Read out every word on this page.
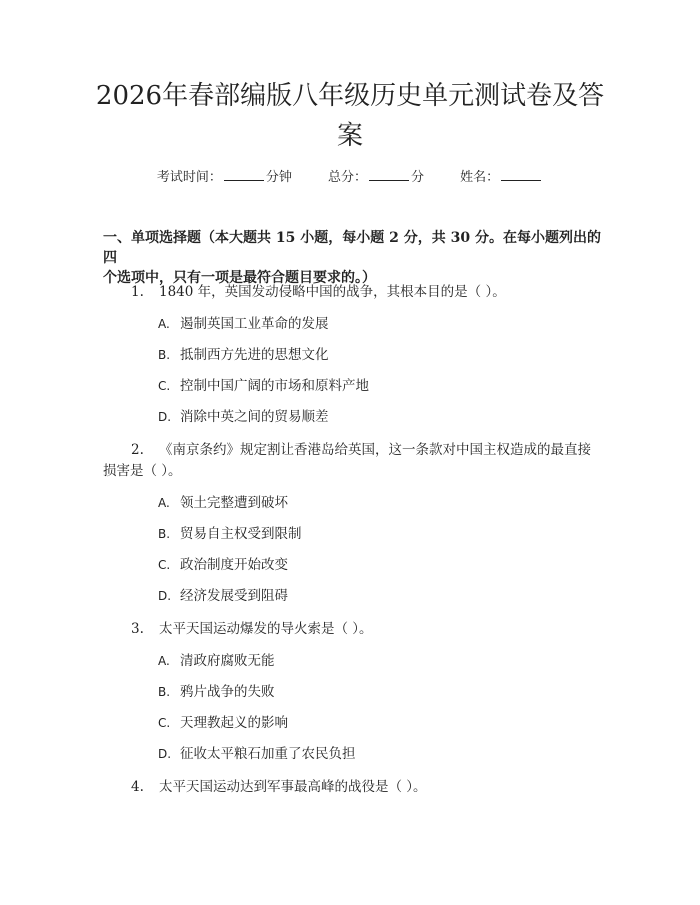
2026年春部编版八年级历史单元测试卷及答
案
考试时间：	分钟	总分：	分	姓名：
一、单项选择题（本大题共 15 小题，每小题 2 分，共 30 分。在每小题列出的四
个选项中，只有一项是最符合题目要求的。）
1. 1840 年，英国发动侵略中国的战争，其根本目的是（ ）。
A. 遏制英国工业革命的发展
B. 抵制西方先进的思想文化
C. 控制中国广阔的市场和原料产地
D. 消除中英之间的贸易顺差
2. 《南京条约》规定割让香港岛给英国，这一条款对中国主权造成的最直接
损害是（ ）。
A. 领土完整遭到破坏
B. 贸易自主权受到限制
C. 政治制度开始改变
D. 经济发展受到阻碍
3. 太平天国运动爆发的导火索是（ ）。
A. 清政府腐败无能
B. 鸦片战争的失败
C. 天理教起义的影响
D. 征收太平粮石加重了农民负担
4. 太平天国运动达到军事最高峰的战役是（ ）。
